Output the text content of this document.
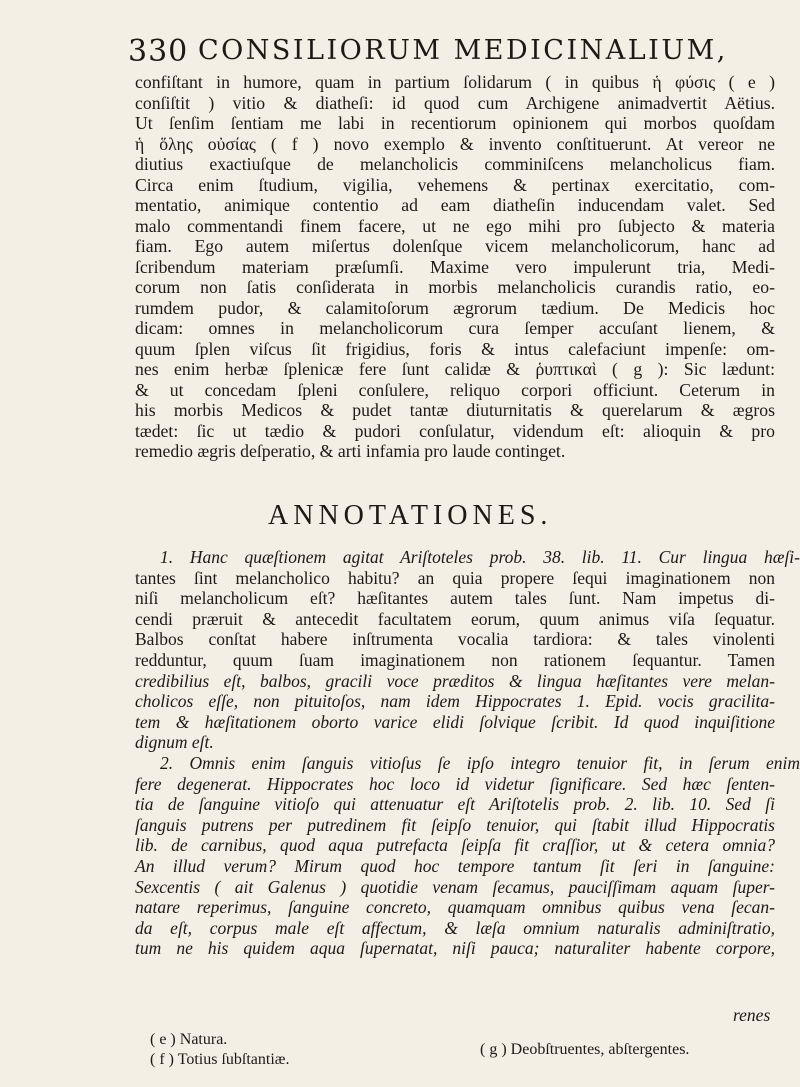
330 CONSILIORUM MEDICINALIUM,
confiſtant in humore, quam in partium ſolidarum ( in quibus ἡ φύσις ( e )
conſiſtit ) vitio & diatheſi: id quod cum Archigene animadvertit Aëtius.
Ut ſenſim ſentiam me labi in recentiorum opinionem qui morbos quoſdam
ἡ ὅλης οὐσίας ( f ) novo exemplo & invento conſtituerunt. At vereor ne
diutius exactiuſque de melancholicis comminiſcens melancholicus fiam.
Circa enim ſtudium, vigilia, vehemens & pertinax exercitatio, com-
mentatio, animique contentio ad eam diatheſin inducendam valet. Sed
malo commentandi finem facere, ut ne ego mihi pro ſubjecto & materia
fiam. Ego autem miſertus dolenſque vicem melancholicorum, hanc ad
ſcribendum materiam præſumſi. Maxime vero impulerunt tria, Medi-
corum non ſatis conſiderata in morbis melancholicis curandis ratio, eo-
rumdem pudor, & calamitoſorum ægrorum tædium. De Medicis hoc
dicam: omnes in melancholicorum cura ſemper accuſant lienem, &
quum ſplen viſcus ſit frigidius, foris & intus calefaciunt impenſe: om-
nes enim herbæ ſplenicæ fere ſunt calidæ & ῥυπτικαὶ ( g ): Sic lædunt:
& ut concedam ſpleni conſulere, reliquo corpori officiunt. Ceterum in
his morbis Medicos & pudet tantæ diuturnitatis & querelarum & ægros
tædet: ſic ut tædio & pudori conſulatur, videndum eſt: alioquin & pro
remedio ægris deſperatio, & arti infamia pro laude continget.
ANNOTATIONES.
1. Hanc quæſtionem agitat Ariſtoteles prob. 38. lib. 11. Cur lingua hæſi-
tantes ſint melancholico habitu? an quia propere ſequi imaginationem non
niſi melancholicum eſt? hæſitantes autem tales ſunt. Nam impetus di-
cendi præruit & antecedit facultatem eorum, quum animus viſa ſequatur.
Balbos conſtat habere inſtrumenta vocalia tardiora: & tales vinolenti
redduntur, quum ſuam imaginationem non rationem ſequantur. Tamen
credibilius eſt, balbos, gracili voce præditos & lingua hæſitantes vere melan-
cholicos eſſe, non pituitoſos, nam idem Hippocrates 1. Epid. vocis gracilita-
tem & hæſitationem oborto varice elidi ſolvique ſcribit. Id quod inquiſitione
dignum eſt.
2. Omnis enim ſanguis vitioſus ſe ipſo integro tenuior fit, in ſerum enim
fere degenerat. Hippocrates hoc loco id videtur ſignificare. Sed hæc ſenten-
tia de ſanguine vitioſo qui attenuatur eſt Ariſtotelis prob. 2. lib. 10. Sed ſi
ſanguis putrens per putredinem fit ſeipſo tenuior, qui ſtabit illud Hippocratis
lib. de carnibus, quod aqua putrefacta ſeipſa fit craſſior, ut & cetera omnia?
An illud verum? Mirum quod hoc tempore tantum ſit ſeri in ſanguine:
Sexcentis ( ait Galenus ) quotidie venam ſecamus, pauciſſimam aquam ſuper-
natare reperimus, ſanguine concreto, quamquam omnibus quibus vena ſecan-
da eſt, corpus male eſt affectum, & læſa omnium naturalis adminiſtratio,
tum ne his quidem aqua ſupernatat, niſi pauca; naturaliter habente corpore,
renes
( e ) Natura.
( f ) Totius ſubſtantiæ.
( g ) Deobſtruentes, abſtergentes.
